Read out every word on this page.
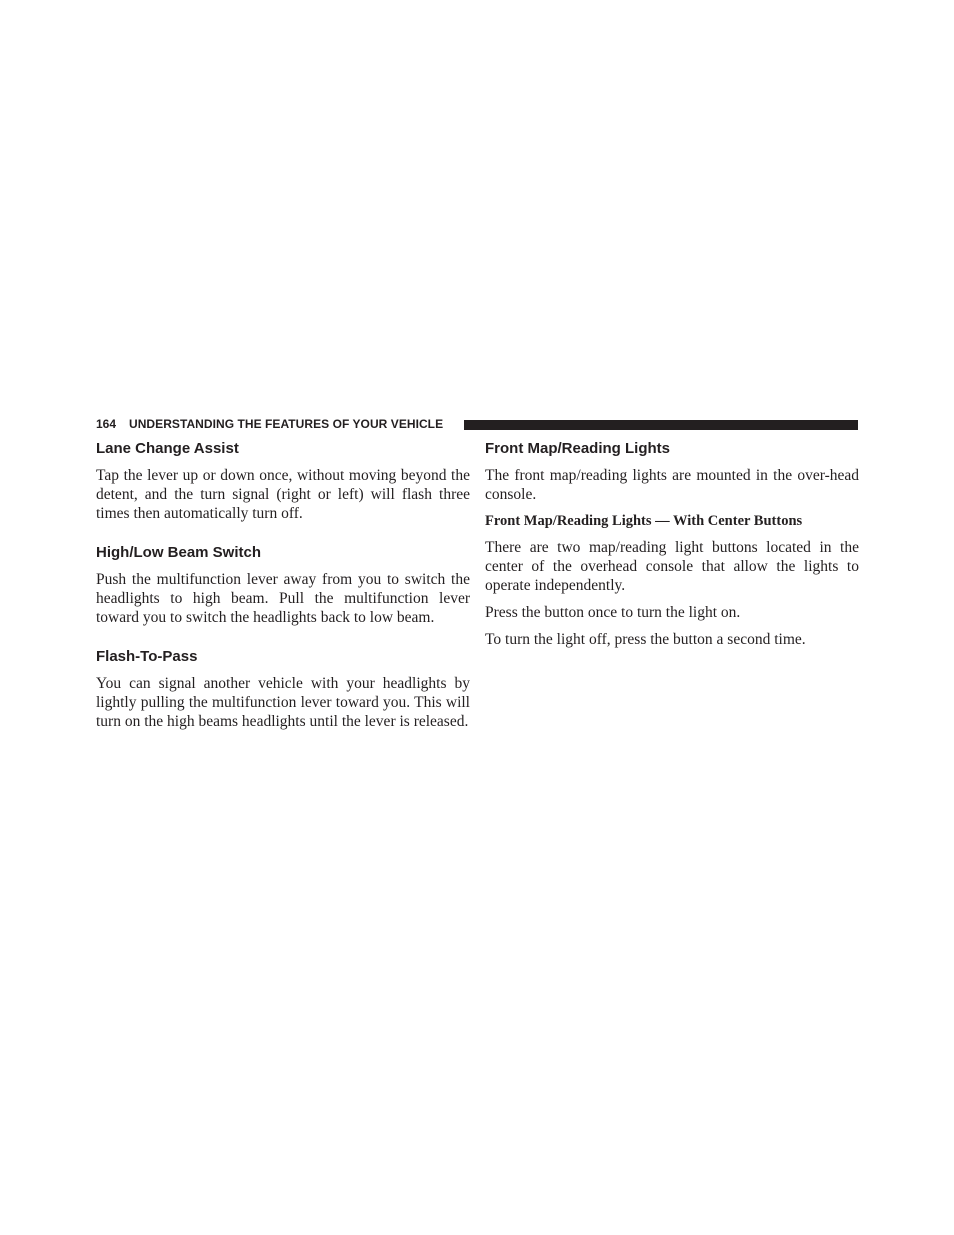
164 UNDERSTANDING THE FEATURES OF YOUR VEHICLE
Lane Change Assist

Tap the lever up or down once, without moving beyond the detent, and the turn signal (right or left) will flash three times then automatically turn off.

High/Low Beam Switch

Push the multifunction lever away from you to switch the headlights to high beam. Pull the multifunction lever toward you to switch the headlights back to low beam.

Flash-To-Pass

You can signal another vehicle with your headlights by lightly pulling the multifunction lever toward you. This will turn on the high beams headlights until the lever is released.

Front Map/Reading Lights

The front map/reading lights are mounted in the over-head console.

Front Map/Reading Lights — With Center Buttons

There are two map/reading light buttons located in the center of the overhead console that allow the lights to operate independently.

Press the button once to turn the light on.

To turn the light off, press the button a second time.
